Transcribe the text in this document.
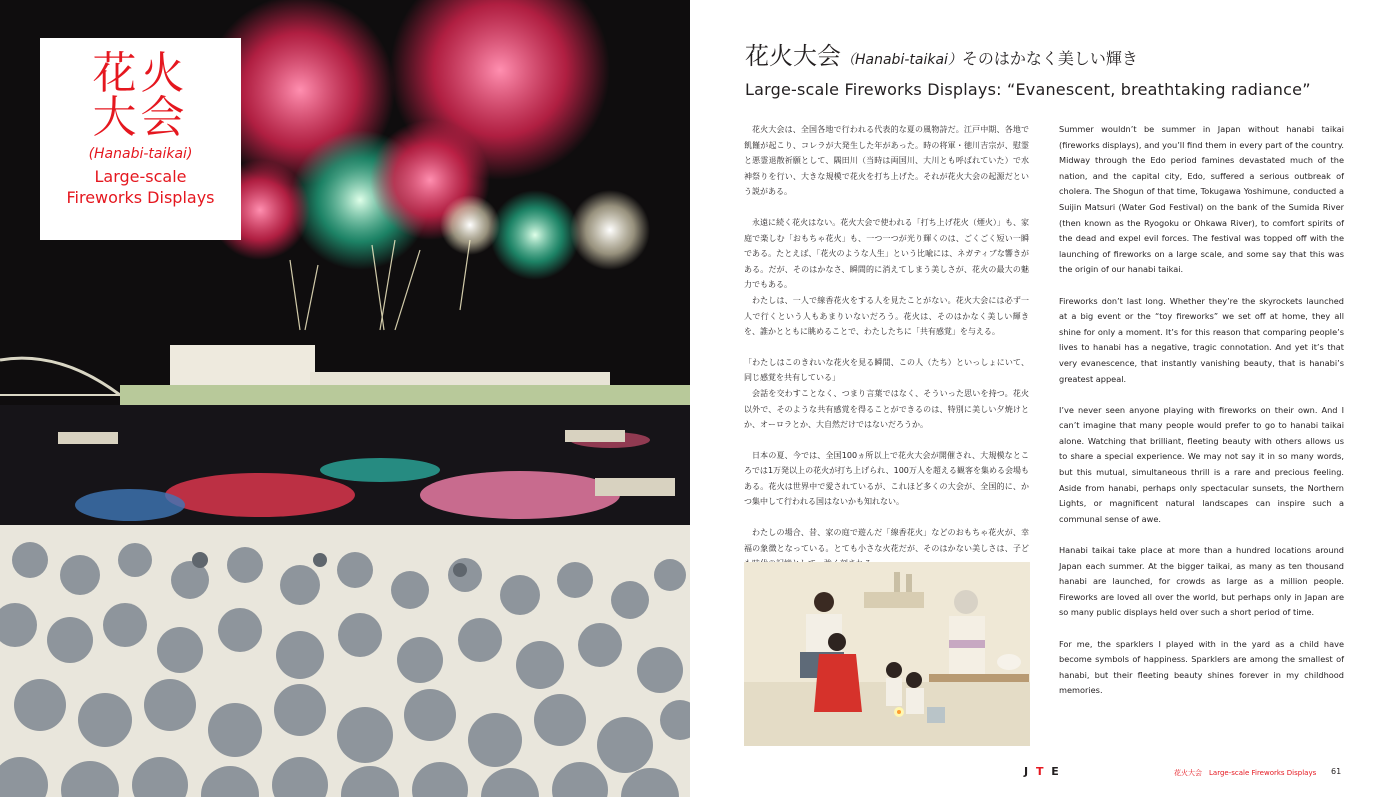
花火
大会
(Hanabi-taikai)
Large-scale
Fireworks Displays
花火大会（Hanabi-taikai）そのはかなく美しい輝き
Large-scale Fireworks Displays: “Evanescent, breathtaking radiance”

花火大会は、全国各地で行われる代表的な夏の風物詩だ。江戸中期、各地で飢饉が起こり、コレラが大発生した年があった。時の将軍・徳川吉宗が、慰霊と悪霊退散祈願として、隅田川（当時は両国川、大川とも呼ばれていた）で水神祭りを行い、大きな規模で花火を打ち上げた。それが花火大会の起源だという説がある。

永遠に続く花火はない。花火大会で使われる「打ち上げ花火（煙火）」も、家庭で楽しむ「おもちゃ花火」も、一つ一つが光り輝くのは、ごくごく短い一瞬である。たとえば、「花火のような人生」という比喩には、ネガティブな響きがある。だが、そのはかなさ、瞬間的に消えてしまう美しさが、花火の最大の魅力でもある。

わたしは、一人で線香花火をする人を見たことがない。花火大会には必ず一人で行くという人もあまりいないだろう。花火は、そのはかなく美しい輝きを、誰かとともに眺めることで、わたしたちに「共有感覚」を与える。

「わたしはこのきれいな花火を見る瞬間、この人（たち）といっしょにいて、同じ感覚を共有している」

会話を交わすことなく、つまり言葉ではなく、そういった思いを持つ。花火以外で、そのような共有感覚を得ることができるのは、特別に美しい夕焼けとか、オーロラとか、大自然だけではないだろうか。

日本の夏、今では、全国100ヵ所以上で花火大会が開催され、大規模なところでは1万発以上の花火が打ち上げられ、100万人を超える観客を集める会場もある。花火は世界中で愛されているが、これほど多くの大会が、全国的に、かつ集中して行われる国はないかも知れない。

わたしの場合、昔、家の庭で遊んだ「線香花火」などのおもちゃ花火が、幸福の象徴となっている。とても小さな火花だが、そのはかない美しさは、子ど

Summer wouldn’t be summer in Japan without hanabi taikai (fireworks displays), and you’ll find them in every part of the country. Midway through the Edo period famines devastated much of the nation, and the capital city, Edo, suffered a serious outbreak of cholera. The Shogun of that time, Tokugawa Yoshimune, conducted a Suijin Matsuri (Water God Festival) on the bank of the Sumida River (then known as the Ryogoku or Ohkawa River), to comfort spirits of the dead and expel evil forces. The festival was topped off with the launching of fireworks on a large scale, and some say that this was the origin of our hanabi taikai.

Fireworks don’t last long. Whether they’re the skyrockets launched at a big event or the “toy fireworks” we set off at home, they all shine for only a moment. It’s for this reason that comparing people’s lives to hanabi has a negative, tragic connotation. And yet it’s that very evanescence, that instantly vanishing beauty, that is hanabi’s greatest appeal.

I’ve never seen anyone playing with fireworks on their own. And I can’t imagine that many people would prefer to go to hanabi taikai alone. Watching that brilliant, fleeting beauty with others allows us to share a special experience. We may not say it in so many words, but this mutual, simultaneous thrill is a rare and precious feeling. Aside from hanabi, perhaps only spectacular sunsets, the Northern Lights, or magnificent natural landscapes can inspire such a communal sense of awe.

Hanabi taikai take place at more than a hundred locations around Japan each summer. At the bigger taikai, as many as ten thousand hanabi are launched, for crowds as large as a million people. Fireworks are loved all over the world, but perhaps only in Japan are so many public displays held over such a short period of time.

For me, the sparklers I played with in the yard as a child have become symbols of happiness. Sparklers are among the smallest of hanabi, but their fleeting beauty shines forever in my childhood memories.

J T E	花火大会　Large-scale Fireworks Displays 61
